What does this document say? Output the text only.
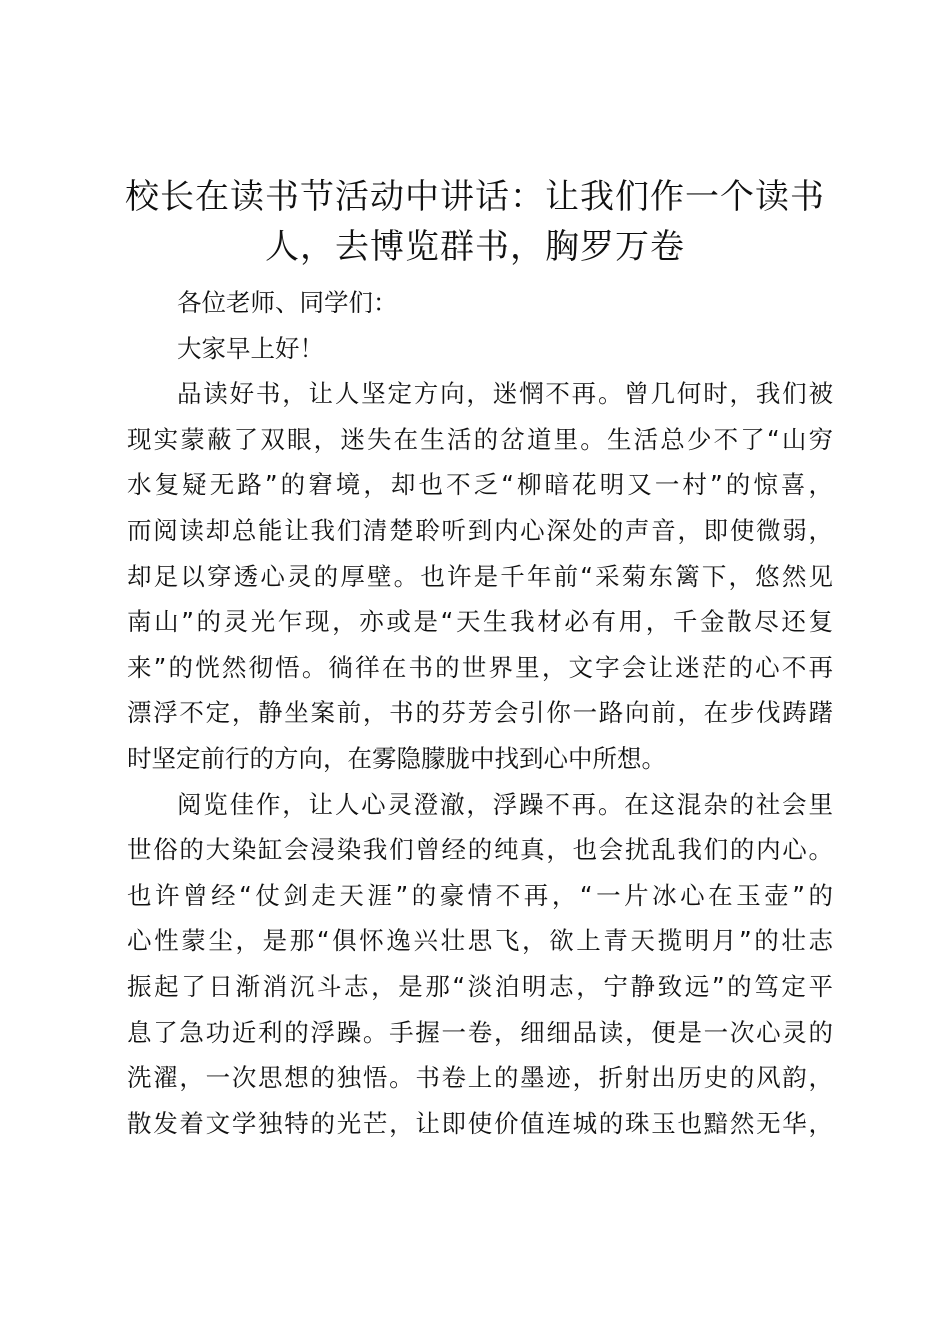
校长在读书节活动中讲话：让我们作一个读书
人，去博览群书，胸罗万卷
各位老师、同学们：
大家早上好！
品读好书，让人坚定方向，迷惘不再。曾几何时，我们被
现实蒙蔽了双眼，迷失在生活的岔道里。生活总少不了“山穷
水复疑无路”的窘境，却也不乏“柳暗花明又一村”的惊喜，
而阅读却总能让我们清楚聆听到内心深处的声音，即使微弱，
却足以穿透心灵的厚壁。也许是千年前“采菊东篱下，悠然见
南山”的灵光乍现，亦或是“天生我材必有用，千金散尽还复
来”的恍然彻悟。徜徉在书的世界里，文字会让迷茫的心不再
漂浮不定，静坐案前，书的芬芳会引你一路向前，在步伐踌躇
时坚定前行的方向，在雾隐朦胧中找到心中所想。
阅览佳作，让人心灵澄澈，浮躁不再。在这混杂的社会里
世俗的大染缸会浸染我们曾经的纯真，也会扰乱我们的内心。
也许曾经“仗剑走天涯”的豪情不再，“一片冰心在玉壶”的
心性蒙尘，是那“俱怀逸兴壮思飞，欲上青天揽明月”的壮志
振起了日渐消沉斗志，是那“淡泊明志，宁静致远”的笃定平
息了急功近利的浮躁。手握一卷，细细品读，便是一次心灵的
洗濯，一次思想的独悟。书卷上的墨迹，折射出历史的风韵，
散发着文学独特的光芒，让即使价值连城的珠玉也黯然无华，
